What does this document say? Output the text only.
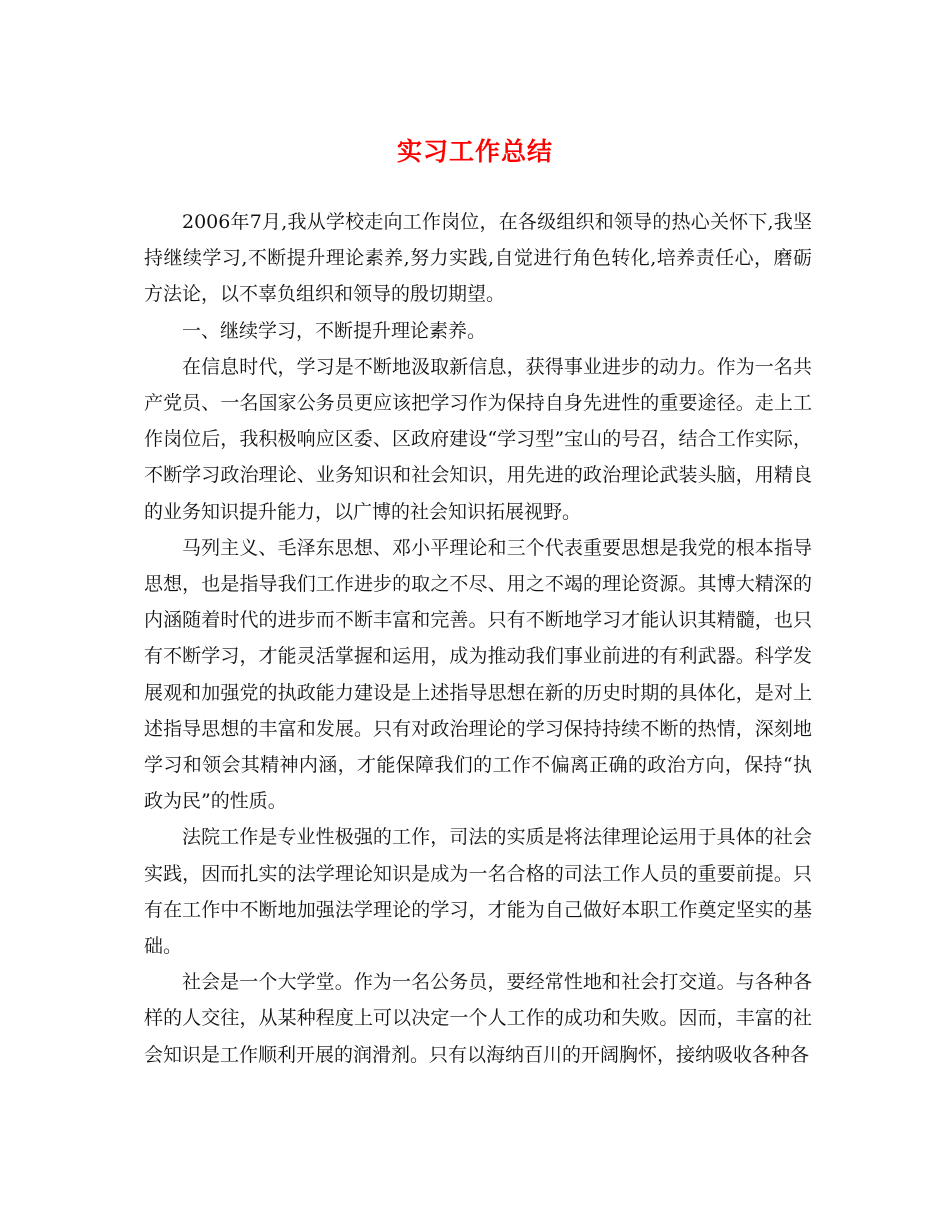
实习工作总结

2006年7月,我从学校走向工作岗位，在各级组织和领导的热心关怀下,我坚持继续学习,不断提升理论素养,努力实践,自觉进行角色转化,培养责任心，磨砺方法论，以不辜负组织和领导的殷切期望。

一、继续学习，不断提升理论素养。

在信息时代，学习是不断地汲取新信息，获得事业进步的动力。作为一名共产党员、一名国家公务员更应该把学习作为保持自身先进性的重要途径。走上工作岗位后，我积极响应区委、区政府建设“学习型”宝山的号召，结合工作实际，不断学习政治理论、业务知识和社会知识，用先进的政治理论武装头脑，用精良的业务知识提升能力，以广博的社会知识拓展视野。

马列主义、毛泽东思想、邓小平理论和三个代表重要思想是我党的根本指导思想，也是指导我们工作进步的取之不尽、用之不竭的理论资源。其博大精深的内涵随着时代的进步而不断丰富和完善。只有不断地学习才能认识其精髓，也只有不断学习，才能灵活掌握和运用，成为推动我们事业前进的有利武器。科学发展观和加强党的执政能力建设是上述指导思想在新的历史时期的具体化，是对上述指导思想的丰富和发展。只有对政治理论的学习保持持续不断的热情，深刻地学习和领会其精神内涵，才能保障我们的工作不偏离正确的政治方向，保持“执政为民”的性质。

法院工作是专业性极强的工作，司法的实质是将法律理论运用于具体的社会实践，因而扎实的法学理论知识是成为一名合格的司法工作人员的重要前提。只有在工作中不断地加强法学理论的学习，才能为自己做好本职工作奠定坚实的基础。

社会是一个大学堂。作为一名公务员，要经常性地和社会打交道。与各种各样的人交往，从某种程度上可以决定一个人工作的成功和失败。因而，丰富的社会知识是工作顺利开展的润滑剂。只有以海纳百川的开阔胸怀，接纳吸收各种各
